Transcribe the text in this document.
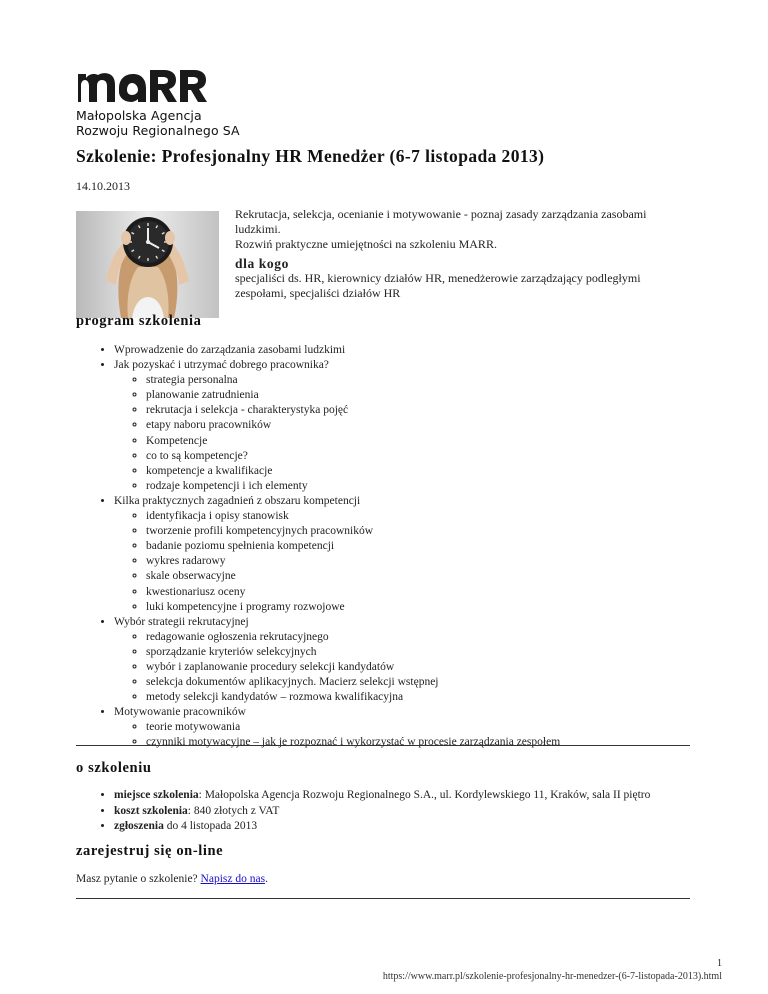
Małopolska Agencja
Rozwoju Regionalnego SA
Szkolenie: Profesjonalny HR Menedżer (6-7 listopada 2013)
14.10.2013
Rekrutacja, selekcja, ocenianie i motywowanie - poznaj zasady zarządzania zasobami ludzkimi.
Rozwiń praktyczne umiejętności na szkoleniu MARR.
dla kogo
specjaliści ds. HR, kierownicy działów HR, menedżerowie zarządzający podległymi zespołami, specjaliści działów HR
program szkolenia
• Wprowadzenie do zarządzania zasobami ludzkimi
• Jak pozyskać i utrzymać dobrego pracownika?
◦ strategia personalna
◦ planowanie zatrudnienia
◦ rekrutacja i selekcja - charakterystyka pojęć
◦ etapy naboru pracowników
◦ Kompetencje
◦ co to są kompetencje?
◦ kompetencje a kwalifikacje
◦ rodzaje kompetencji i ich elementy
• Kilka praktycznych zagadnień z obszaru kompetencji
◦ identyfikacja i opisy stanowisk
◦ tworzenie profili kompetencyjnych pracowników
◦ badanie poziomu spełnienia kompetencji
◦ wykres radarowy
◦ skale obserwacyjne
◦ kwestionariusz oceny
◦ luki kompetencyjne i programy rozwojowe
• Wybór strategii rekrutacyjnej
◦ redagowanie ogłoszenia rekrutacyjnego
◦ sporządzanie kryteriów selekcyjnych
◦ wybór i zaplanowanie procedury selekcji kandydatów
◦ selekcja dokumentów aplikacyjnych. Macierz selekcji wstępnej
◦ metody selekcji kandydatów – rozmowa kwalifikacyjna
• Motywowanie pracowników
◦ teorie motywowania
◦ czynniki motywacyjne – jak je rozpoznać i wykorzystać w procesie zarządzania zespołem
o szkoleniu
• miejsce szkolenia: Małopolska Agencja Rozwoju Regionalnego S.A., ul. Kordylewskiego 11, Kraków, sala II piętro
• koszt szkolenia: 840 złotych z VAT
• zgłoszenia do 4 listopada 2013
zarejestruj się on-line
Masz pytanie o szkolenie? Napisz do nas.
1
https://www.marr.pl/szkolenie-profesjonalny-hr-menedzer-(6-7-listopada-2013).html
